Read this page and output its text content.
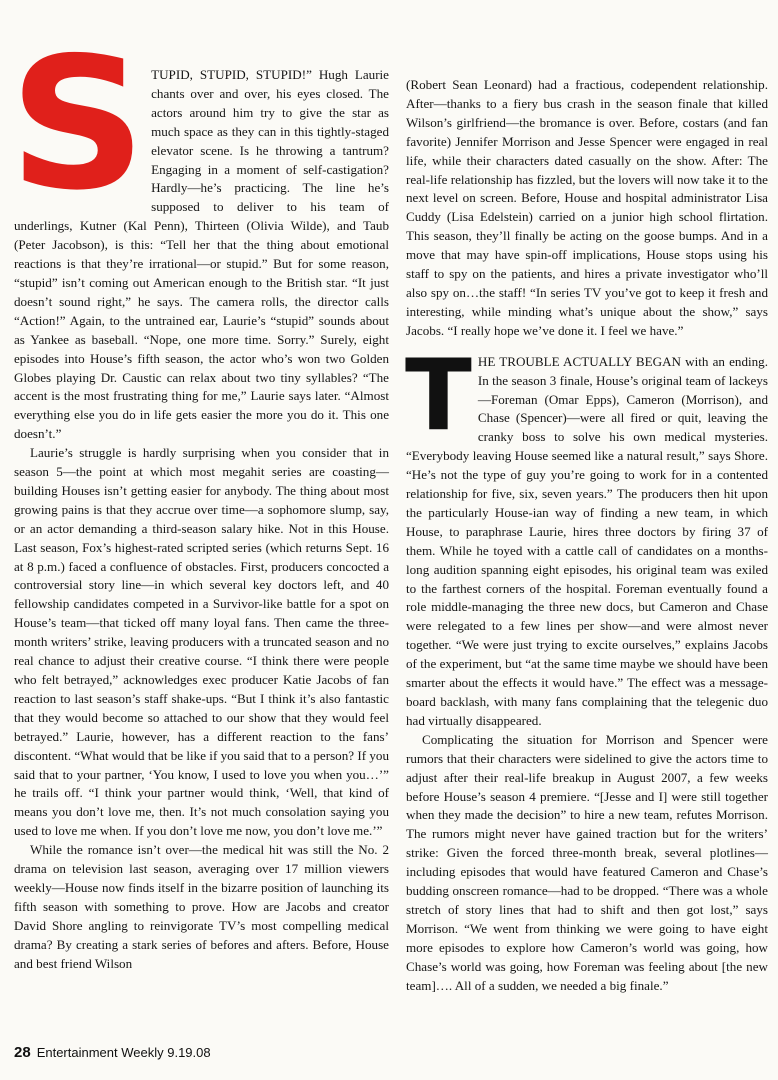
S TUPID, STUPID, STUPID!” Hugh Laurie chants over and over, his eyes closed. The actors around him try to give the star as much space as they can in this tightly-staged elevator scene. Is he throwing a tantrum? Engaging in a moment of self-castigation? Hardly—he’s practicing. The line he’s supposed to deliver to his team of underlings, Kutner (Kal Penn), Thirteen (Olivia Wilde), and Taub (Peter Jacobson), is this: “Tell her that the thing about emotional reactions is that they’re irrational—or stupid.” But for some reason, “stupid” isn’t coming out American enough to the British star. “It just doesn’t sound right,” he says. The camera rolls, the director calls “Action!” Again, to the untrained ear, Laurie’s “stupid” sounds about as Yankee as baseball. “Nope, one more time. Sorry.” Surely, eight episodes into House’s fifth season, the actor who’s won two Golden Globes playing Dr. Caustic can relax about two tiny syllables? “The accent is the most frustrating thing for me,” Laurie says later. “Almost everything else you do in life gets easier the more you do it. This one doesn’t.”

Laurie’s struggle is hardly surprising when you consider that in season 5—the point at which most megahit series are coasting—building Houses isn’t getting easier for anybody. The thing about most growing pains is that they accrue over time—a sophomore slump, say, or an actor demanding a third-season salary hike. Not in this House. Last season, Fox’s highest-rated scripted series (which returns Sept. 16 at 8 p.m.) faced a confluence of obstacles. First, producers concocted a controversial story line—in which several key doctors left, and 40 fellowship candidates competed in a Survivor-like battle for a spot on House’s team—that ticked off many loyal fans. Then came the three-month writers’ strike, leaving producers with a truncated season and no real chance to adjust their creative course. “I think there were people who felt betrayed,” acknowledges exec producer Katie Jacobs of fan reaction to last season’s staff shake-ups. “But I think it’s also fantastic that they would become so attached to our show that they would feel betrayed.” Laurie, however, has a different reaction to the fans’ discontent. “What would that be like if you said that to a person? If you said that to your partner, ‘You know, I used to love you when you…’” he trails off. “I think your partner would think, ‘Well, that kind of means you don’t love me, then. It’s not much consolation saying you used to love me when. If you don’t love me now, you don’t love me.’”

While the romance isn’t over—the medical hit was still the No. 2 drama on television last season, averaging over 17 million viewers weekly—House now finds itself in the bizarre position of launching its fifth season with something to prove. How are Jacobs and creator David Shore angling to reinvigorate TV’s most compelling medical drama? By creating a stark series of befores and afters. Before, House and best friend Wilson

(Robert Sean Leonard) had a fractious, codependent relationship. After—thanks to a fiery bus crash in the season finale that killed Wilson’s girlfriend—the bromance is over. Before, costars (and fan favorite) Jennifer Morrison and Jesse Spencer were engaged in real life, while their characters dated casually on the show. After: The real-life relationship has fizzled, but the lovers will now take it to the next level on screen. Before, House and hospital administrator Lisa Cuddy (Lisa Edelstein) carried on a junior high school flirtation. This season, they’ll finally be acting on the goose bumps. And in a move that may have spin-off implications, House stops using his staff to spy on the patients, and hires a private investigator who’ll also spy on…the staff! “In series TV you’ve got to keep it fresh and interesting, while minding what’s unique about the show,” says Jacobs. “I really hope we’ve done it. I feel we have.”

THE TROUBLE ACTUALLY BEGAN with an ending. In the season 3 finale, House’s original team of lackeys—Foreman (Omar Epps), Cameron (Morrison), and Chase (Spencer)—were all fired or quit, leaving the cranky boss to solve his own medical mysteries. “Everybody leaving House seemed like a natural result,” says Shore. “He’s not the type of guy you’re going to work for in a contented relationship for five, six, seven years.” The producers then hit upon the particularly House-ian way of finding a new team, in which House, to paraphrase Laurie, hires three doctors by firing 37 of them. While he toyed with a cattle call of candidates on a months-long audition spanning eight episodes, his original team was exiled to the farthest corners of the hospital. Foreman eventually found a role middle-managing the three new docs, but Cameron and Chase were relegated to a few lines per show—and were almost never together. “We were just trying to excite ourselves,” explains Jacobs of the experiment, but “at the same time maybe we should have been smarter about the effects it would have.” The effect was a message-board backlash, with many fans complaining that the telegenic duo had virtually disappeared.

Complicating the situation for Morrison and Spencer were rumors that their characters were sidelined to give the actors time to adjust after their real-life breakup in August 2007, a few weeks before House’s season 4 premiere. “[Jesse and I] were still together when they made the decision” to hire a new team, refutes Morrison. The rumors might never have gained traction but for the writers’ strike: Given the forced three-month break, several plotlines—including episodes that would have featured Cameron and Chase’s budding onscreen romance—had to be dropped. “There was a whole stretch of story lines that had to shift and then got lost,” says Morrison. “We went from thinking we were going to have eight more episodes to explore how Cameron’s world was going, how Chase’s world was going, how Foreman was feeling about [the new team]…. All of a sudden, we needed a big finale.”

28 Entertainment Weekly 9.19.08
